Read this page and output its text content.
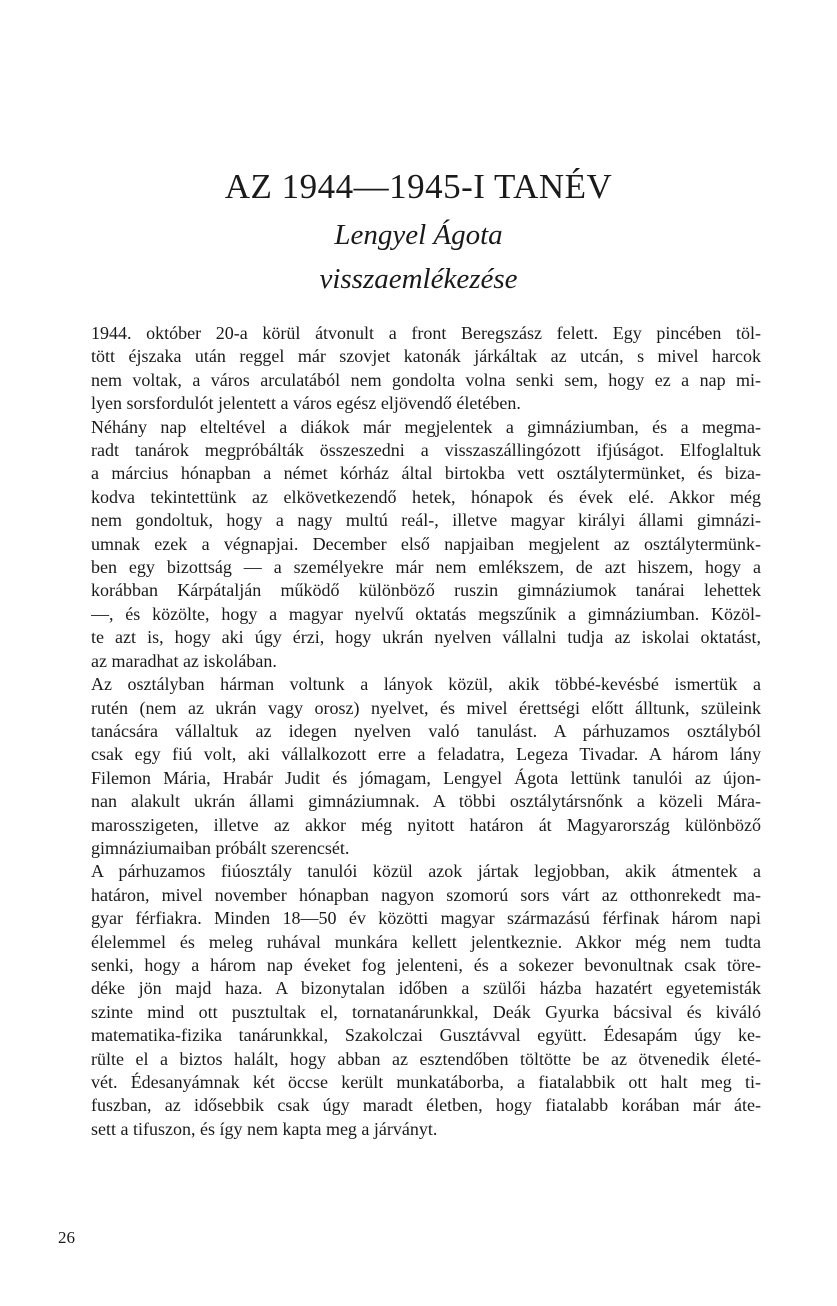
AZ 1944—1945-I TANÉV
Lengyel Ágota
visszaemlékezése
1944. október 20-a körül átvonult a front Beregszász felett. Egy pincében töl-
tött éjszaka után reggel már szovjet katonák járkáltak az utcán, s mivel harcok
nem voltak, a város arculatából nem gondolta volna senki sem, hogy ez a nap mi-
lyen sorsfordulót jelentett a város egész eljövendő életében.
Néhány nap elteltével a diákok már megjelentek a gimnáziumban, és a megma-
radt tanárok megpróbálták összeszedni a visszaszállingózott ifjúságot. Elfoglaltuk
a március hónapban a német kórház által birtokba vett osztálytermünket, és biza-
kodva tekintettünk az elkövetkezendő hetek, hónapok és évek elé. Akkor még
nem gondoltuk, hogy a nagy multú reál-, illetve magyar királyi állami gimnázi-
umnak ezek a végnapjai. December első napjaiban megjelent az osztálytermünk-
ben egy bizottság — a személyekre már nem emlékszem, de azt hiszem, hogy a
korábban Kárpátalján működő különböző ruszin gimnáziumok tanárai lehettek
—, és közölte, hogy a magyar nyelvű oktatás megszűnik a gimnáziumban. Közöl-
te azt is, hogy aki úgy érzi, hogy ukrán nyelven vállalni tudja az iskolai oktatást,
az maradhat az iskolában.
Az osztályban hárman voltunk a lányok közül, akik többé-kevésbé ismertük a
rutén (nem az ukrán vagy orosz) nyelvet, és mivel érettségi előtt álltunk, szüleink
tanácsára vállaltuk az idegen nyelven való tanulást. A párhuzamos osztályból
csak egy fiú volt, aki vállalkozott erre a feladatra, Legeza Tivadar. A három lány
Filemon Mária, Hrabár Judit és jómagam, Lengyel Ágota lettünk tanulói az újon-
nan alakult ukrán állami gimnáziumnak. A többi osztálytársnőnk a közeli Mára-
marosszigeten, illetve az akkor még nyitott határon át Magyarország különböző
gimnáziumaiban próbált szerencsét.
A párhuzamos fiúosztály tanulói közül azok jártak legjobban, akik átmentek a
határon, mivel november hónapban nagyon szomorú sors várt az otthonrekedt ma-
gyar férfiakra. Minden 18—50 év közötti magyar származású férfinak három napi
élelemmel és meleg ruhával munkára kellett jelentkeznie. Akkor még nem tudta
senki, hogy a három nap éveket fog jelenteni, és a sokezer bevonultnak csak töre-
déke jön majd haza. A bizonytalan időben a szülői házba hazatért egyetemisták
szinte mind ott pusztultak el, tornatanárunkkal, Deák Gyurka bácsival és kiváló
matematika-fizika tanárunkkal, Szakolczai Gusztávval együtt. Édesapám úgy ke-
rülte el a biztos halált, hogy abban az esztendőben töltötte be az ötvenedik életé-
vét. Édesanyámnak két öccse került munkatáborba, a fiatalabbik ott halt meg ti-
fuszban, az idősebbik csak úgy maradt életben, hogy fiatalabb korában már áte-
sett a tifuszon, és így nem kapta meg a járványt.
26
